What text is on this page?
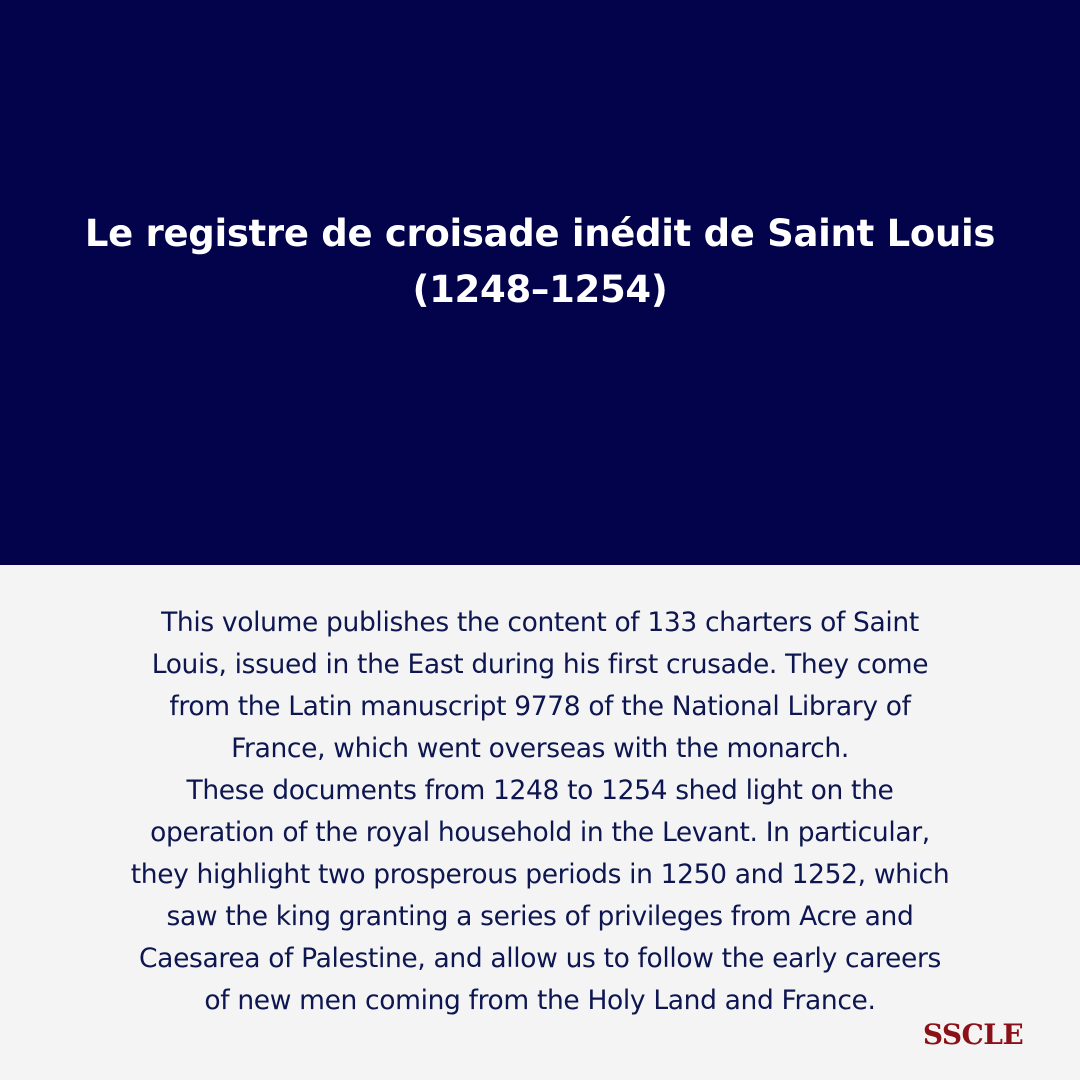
Le registre de croisade inédit de Saint Louis
(1248–1254)

This volume publishes the content of 133 charters of Saint
Louis, issued in the East during his first crusade. They come
from the Latin manuscript 9778 of the National Library of
France, which went overseas with the monarch.
These documents from 1248 to 1254 shed light on the
operation of the royal household in the Levant. In particular,
they highlight two prosperous periods in 1250 and 1252, which
saw the king granting a series of privileges from Acre and
Caesarea of Palestine, and allow us to follow the early careers
of new men coming from the Holy Land and France.

SSCLE
